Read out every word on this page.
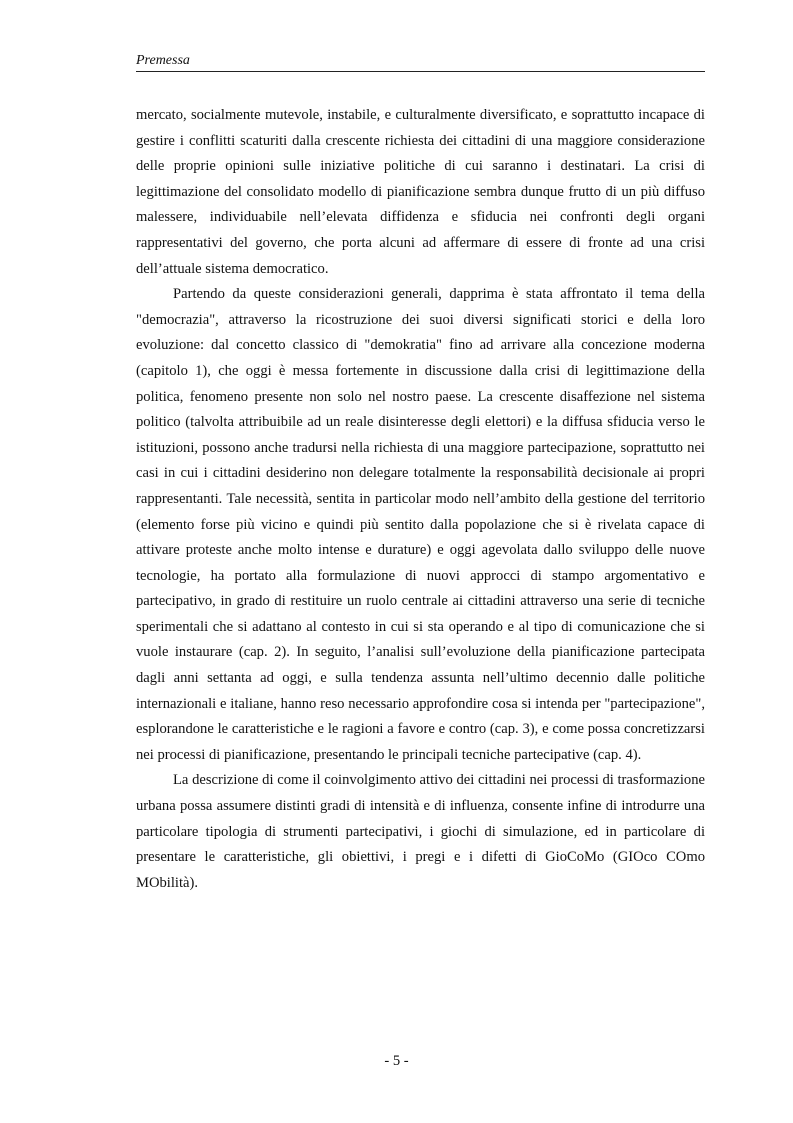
Premessa

mercato, socialmente mutevole, instabile, e culturalmente diversificato, e soprattutto incapace di gestire i conflitti scaturiti dalla crescente richiesta dei cittadini di una maggiore considerazione delle proprie opinioni sulle iniziative politiche di cui saranno i destinatari. La crisi di legittimazione del consolidato modello di pianificazione sembra dunque frutto di un più diffuso malessere, individuabile nell’elevata diffidenza e sfiducia nei confronti degli organi rappresentativi del governo, che porta alcuni ad affermare di essere di fronte ad una crisi dell’attuale sistema democratico.

Partendo da queste considerazioni generali, dapprima è stata affrontato il tema della "democrazia", attraverso la ricostruzione dei suoi diversi significati storici e della loro evoluzione: dal concetto classico di "demokratia" fino ad arrivare alla concezione moderna (capitolo 1), che oggi è messa fortemente in discussione dalla crisi di legittimazione della politica, fenomeno presente non solo nel nostro paese. La crescente disaffezione nel sistema politico (talvolta attribuibile ad un reale disinteresse degli elettori) e la diffusa sfiducia verso le istituzioni, possono anche tradursi nella richiesta di una maggiore partecipazione, soprattutto nei casi in cui i cittadini desiderino non delegare totalmente la responsabilità decisionale ai propri rappresentanti. Tale necessità, sentita in particolar modo nell’ambito della gestione del territorio (elemento forse più vicino e quindi più sentito dalla popolazione che si è rivelata capace di attivare proteste anche molto intense e durature) e oggi agevolata dallo sviluppo delle nuove tecnologie, ha portato alla formulazione di nuovi approcci di stampo argomentativo e partecipativo, in grado di restituire un ruolo centrale ai cittadini attraverso una serie di tecniche sperimentali che si adattano al contesto in cui si sta operando e al tipo di comunicazione che si vuole instaurare (cap. 2). In seguito, l’analisi sull’evoluzione della pianificazione partecipata dagli anni settanta ad oggi, e sulla tendenza assunta nell’ultimo decennio dalle politiche internazionali e italiane, hanno reso necessario approfondire cosa si intenda per "partecipazione", esplorandone le caratteristiche e le ragioni a favore e contro (cap. 3), e come possa concretizzarsi nei processi di pianificazione, presentando le principali tecniche partecipative (cap. 4).

La descrizione di come il coinvolgimento attivo dei cittadini nei processi di trasformazione urbana possa assumere distinti gradi di intensità e di influenza, consente infine di introdurre una particolare tipologia di strumenti partecipativi, i giochi di simulazione, ed in particolare di presentare le caratteristiche, gli obiettivi, i pregi e i difetti di GioCoMo (GIOco COmo MObilità).

- 5 -
